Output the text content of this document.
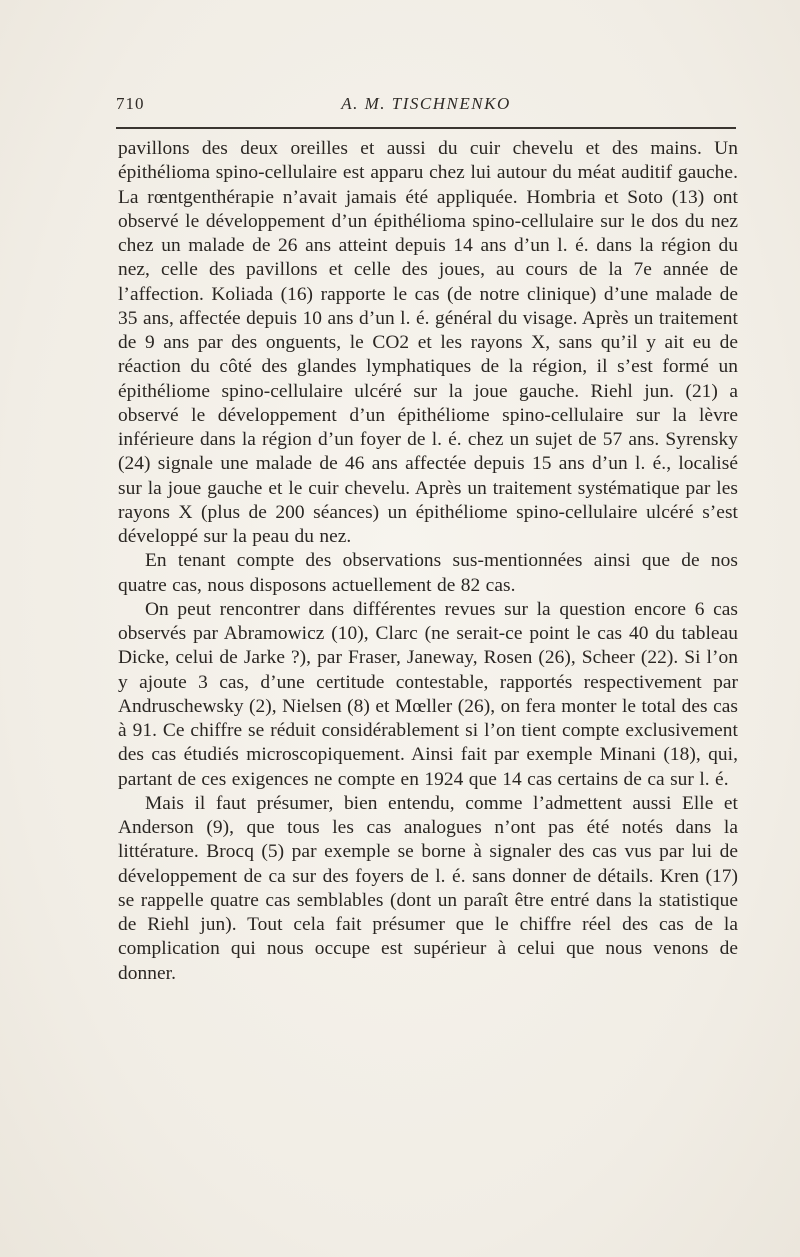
710	A. M. TISCHNENKO

pavillons des deux oreilles et aussi du cuir chevelu et des mains. Un épithélioma spino-cellulaire est apparu chez lui autour du méat auditif gauche. La rœntgenthérapie n’avait jamais été appliquée. Hombria et Soto (13) ont observé le développement d’un épithélioma spino-cellulaire sur le dos du nez chez un malade de 26 ans atteint depuis 14 ans d’un l. é. dans la région du nez, celle des pavillons et celle des joues, au cours de la 7e année de l’affection. Koliada (16) rapporte le cas (de notre clinique) d’une malade de 35 ans, affectée depuis 10 ans d’un l. é. général du visage. Après un traitement de 9 ans par des onguents, le CO2 et les rayons X, sans qu’il y ait eu de réaction du côté des glandes lymphatiques de la région, il s’est formé un épithéliome spino-cellulaire ulcéré sur la joue gauche. Riehl jun. (21) a observé le développement d’un épithéliome spino-cellulaire sur la lèvre inférieure dans la région d’un foyer de l. é. chez un sujet de 57 ans. Syrensky (24) signale une malade de 46 ans affectée depuis 15 ans d’un l. é., localisé sur la joue gauche et le cuir chevelu. Après un traitement systématique par les rayons X (plus de 200 séances) un épithéliome spino-cellulaire ulcéré s’est développé sur la peau du nez.

En tenant compte des observations sus-mentionnées ainsi que de nos quatre cas, nous disposons actuellement de 82 cas.

On peut rencontrer dans différentes revues sur la question encore 6 cas observés par Abramowicz (10), Clarc (ne serait-ce point le cas 40 du tableau Dicke, celui de Jarke ?), par Fraser, Janeway, Rosen (26), Scheer (22). Si l’on y ajoute 3 cas, d’une certitude contestable, rapportés respectivement par Andruschewsky (2), Nielsen (8) et Mœller (26), on fera monter le total des cas à 91. Ce chiffre se réduit considérablement si l’on tient compte exclusivement des cas étudiés microscopiquement. Ainsi fait par exemple Minani (18), qui, partant de ces exigences ne compte en 1924 que 14 cas certains de ca sur l. é.

Mais il faut présumer, bien entendu, comme l’admettent aussi Elle et Anderson (9), que tous les cas analogues n’ont pas été notés dans la littérature. Brocq (5) par exemple se borne à signaler des cas vus par lui de développement de ca sur des foyers de l. é. sans donner de détails. Kren (17) se rappelle quatre cas semblables (dont un paraît être entré dans la statistique de Riehl jun). Tout cela fait présumer que le chiffre réel des cas de la complication qui nous occupe est supérieur à celui que nous venons de donner.
